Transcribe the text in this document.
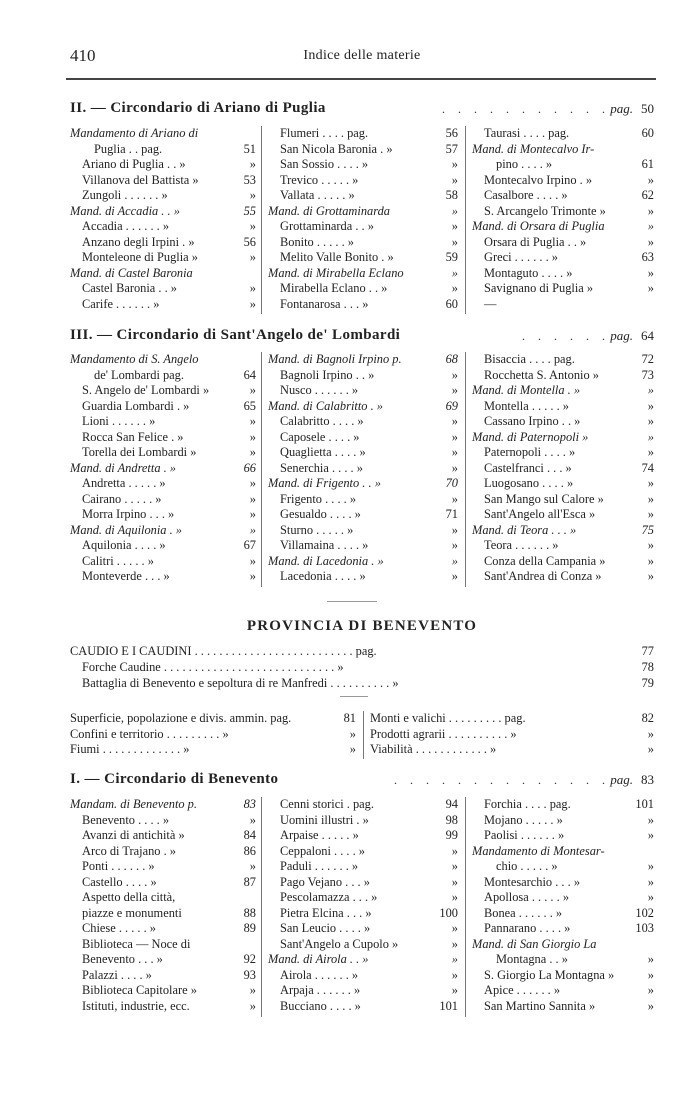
410	Indice delle materie
II. — Circondario di Ariano di Puglia	. . . . . . . . . . . pag. 50
Mandamento di Ariano di
Puglia . . pag.	51
Ariano di Puglia . . »	»
Villanova del Battista »	53
Zungoli . . . . . . »	»
Mand. di Accadia . . »	55
Accadia . . . . . . »	»
Anzano degli Irpini . »	56
Monteleone di Puglia »	»
Mand. di Castel Baronia
Castel Baronia . . »	»
Carife . . . . . . »	»
Flumeri . . . . pag.	56
San Nicola Baronia . »	57
San Sossio . . . . »	»
Trevico . . . . . »	»
Vallata . . . . . »	58
Mand. di Grottaminarda	»
Grottaminarda . . »	»
Bonito . . . . . »	»
Melito Valle Bonito . »	59
Mand. di Mirabella Eclano	»
Mirabella Eclano . . »	»
Fontanarosa . . . »	60
Taurasi . . . . pag.	60
Mand. di Montecalvo Ir-
pino . . . . »	61
Montecalvo Irpino . »	»
Casalbore . . . . »	62
S. Arcangelo Trimonte »	»
Mand. di Orsara di Puglia	»
Orsara di Puglia . . »	»
Greci . . . . . . »	63
Montaguto . . . . »	»
Savignano di Puglia »	»
—
III. — Circondario di Sant'Angelo de' Lombardi	. . . . . . pag. 64
Mandamento di S. Angelo
de' Lombardi pag.	64
S. Angelo de' Lombardi »	»
Guardia Lombardi . »	65
Lioni . . . . . . »	»
Rocca San Felice . »	»
Torella dei Lombardi »	»
Mand. di Andretta . »	66
Andretta . . . . . »	»
Cairano . . . . . »	»
Morra Irpino . . . »	»
Mand. di Aquilonia . »	»
Aquilonia . . . . »	67
Calitri . . . . . »	»
Monteverde . . . »	»
Mand. di Bagnoli Irpino p.	68
Bagnoli Irpino . . »	»
Nusco . . . . . . »	»
Mand. di Calabritto . »	69
Calabritto . . . . »	»
Caposele . . . . »	»
Quaglietta . . . . »	»
Senerchia . . . . »	»
Mand. di Frigento . . »	70
Frigento . . . . »	»
Gesualdo . . . . »	71
Sturno . . . . . »	»
Villamaina . . . . »	»
Mand. di Lacedonia . »	»
Lacedonia . . . . »	»
Bisaccia . . . . pag.	72
Rocchetta S. Antonio »	73
Mand. di Montella . »	»
Montella . . . . . »	»
Cassano Irpino . . »	»
Mand. di Paternopoli »	»
Paternopoli . . . . »	»
Castelfranci . . . »	74
Luogosano . . . . »	»
San Mango sul Calore »	»
Sant'Angelo all'Esca »	»
Mand. di Teora . . . »	75
Teora . . . . . . »	»
Conza della Campania »	»
Sant'Andrea di Conza »	»
PROVINCIA DI BENEVENTO
CAUDIO E I CAUDINI . . . . . . . . . . . . . . . . . . . . . . . . . . pag.	77
Forche Caudine . . . . . . . . . . . . . . . . . . . . . . . . . . . . »	78
Battaglia di Benevento e sepoltura di re Manfredi . . . . . . . . . . »	79
Superficie, popolazione e divis. ammin. pag.	81
Confini e territorio . . . . . . . . . »	»
Fiumi . . . . . . . . . . . . . »	»
Monti e valichi . . . . . . . . . pag.	82
Prodotti agrarii . . . . . . . . . . »	»
Viabilità . . . . . . . . . . . . »	»
I. — Circondario di Benevento	. . . . . . . . . . . . . . pag. 83
Mandam. di Benevento p.	83
Benevento . . . . »	»
Avanzi di antichità »	84
Arco di Trajano . »	86
Ponti . . . . . . »	»
Castello . . . . »	87
Aspetto della città,
piazze e monumenti	88
Chiese . . . . . »	89
Biblioteca — Noce di
Benevento . . . »	92
Palazzi . . . . »	93
Biblioteca Capitolare »	»
Istituti, industrie, ecc.	»
Cenni storici . pag.	94
Uomini illustri . »	98
Arpaise . . . . . »	99
Ceppaloni . . . . »	»
Paduli . . . . . . »	»
Pago Vejano . . . »	»
Pescolamazza . . . »	»
Pietra Elcina . . . »	100
San Leucio . . . . »	»
Sant'Angelo a Cupolo »	»
Mand. di Airola . . »	»
Airola . . . . . . »	»
Arpaja . . . . . . »	»
Bucciano . . . . »	101
Forchia . . . . pag.	101
Mojano . . . . . »	»
Paolisi . . . . . . »	»
Mandamento di Montesar-
chio . . . . . »	»
Montesarchio . . . »	»
Apollosa . . . . . »	»
Bonea . . . . . . »	102
Pannarano . . . . »	103
Mand. di San Giorgio La
Montagna . . »	»
S. Giorgio La Montagna »	»
Apice . . . . . . »	»
San Martino Sannita »	»
